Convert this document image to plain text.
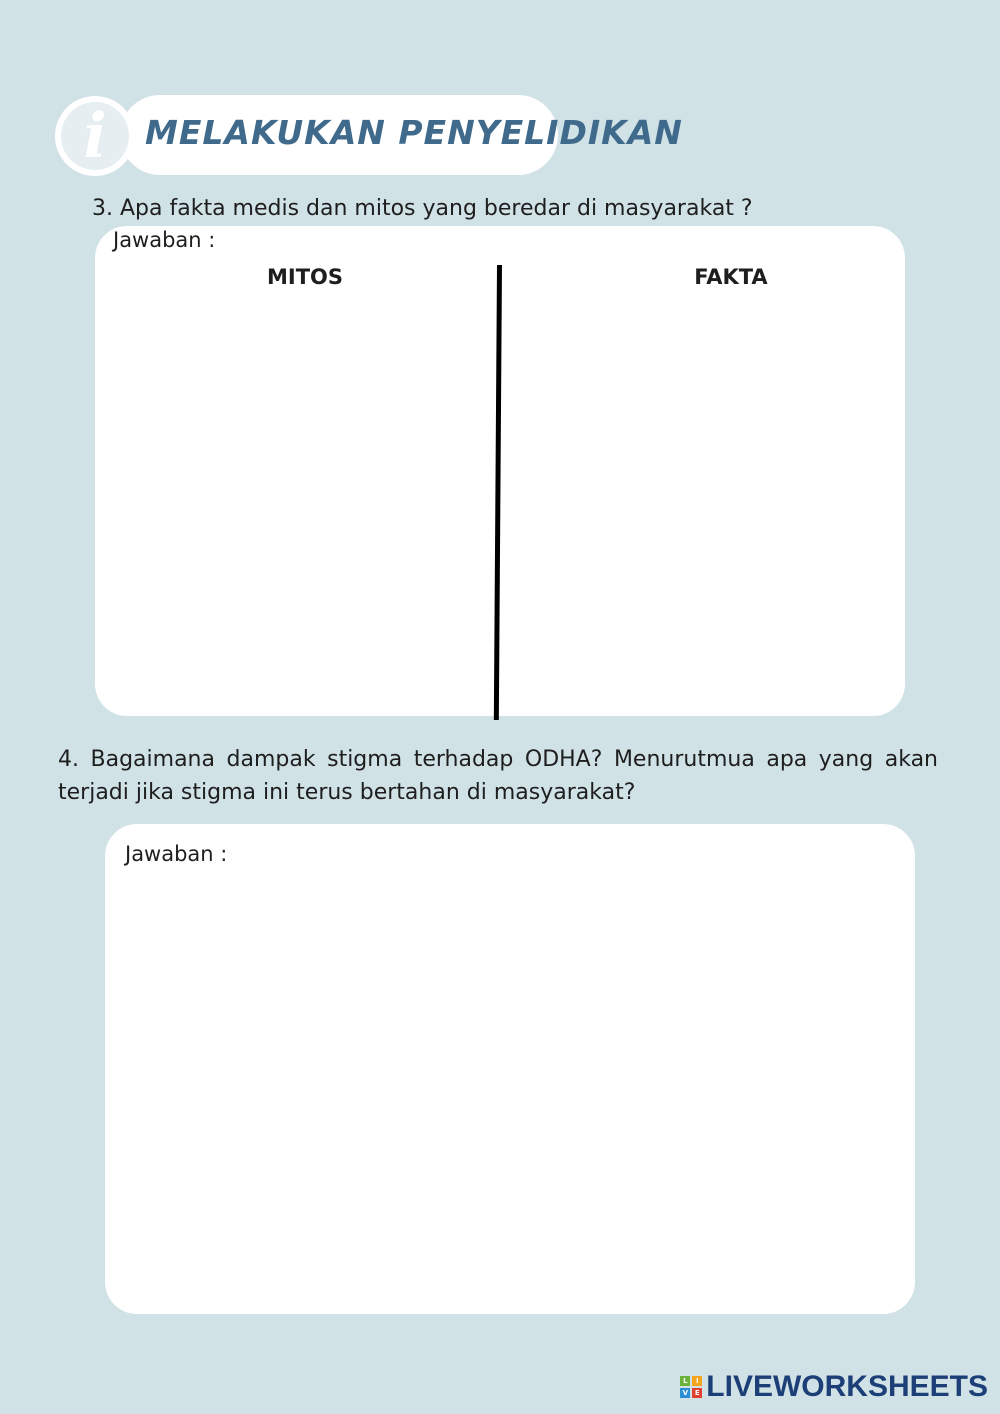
i	MELAKUKAN PENYELIDIKAN
3. Apa fakta medis dan mitos yang beredar di masyarakat ?
Jawaban :
MITOS	FAKTA
4. Bagaimana dampak stigma terhadap ODHA? Menurutmua apa yang akan terjadi jika stigma ini terus bertahan di masyarakat?
Jawaban :
L	I
V E LIVEWORKSHEETS
